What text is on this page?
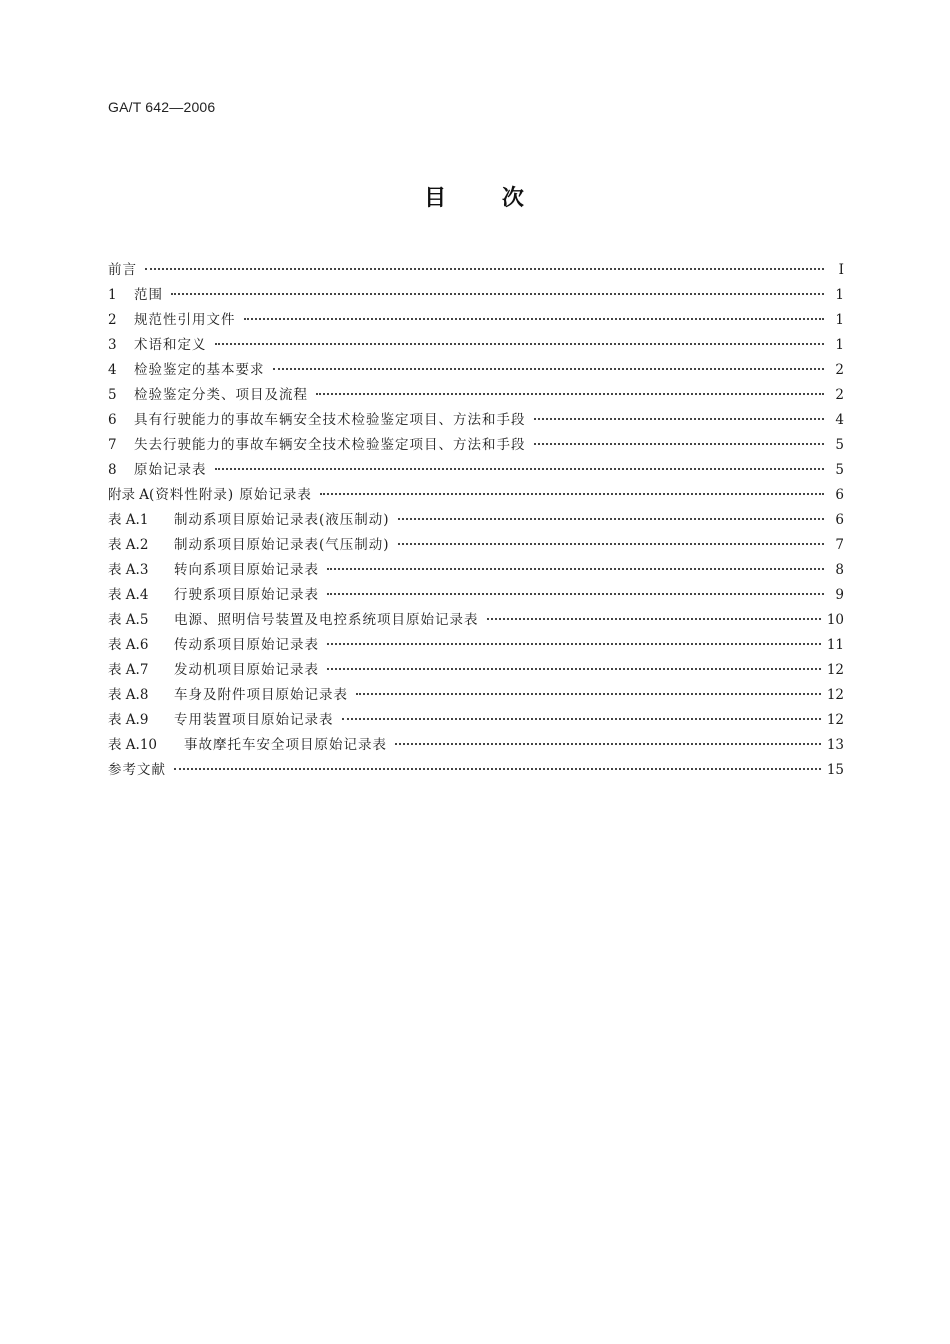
GA/T 642—2006
目 次
前言	I
1	范围	1
2	规范性引用文件	1
3	术语和定义	1
4	检验鉴定的基本要求	2
5	检验鉴定分类、项目及流程	2
6	具有行驶能力的事故车辆安全技术检验鉴定项目、方法和手段	4
7	失去行驶能力的事故车辆安全技术检验鉴定项目、方法和手段	5
8	原始记录表	5
附录 A (资料性附录) 原始记录表	6
表 A.1	制动系项目原始记录表(液压制动)	6
表 A.2	制动系项目原始记录表(气压制动)	7
表 A.3	转向系项目原始记录表	8
表 A.4	行驶系项目原始记录表	9
表 A.5	电源、照明信号装置及电控系统项目原始记录表	10
表 A.6	传动系项目原始记录表	11
表 A.7	发动机项目原始记录表	12
表 A.8	车身及附件项目原始记录表	12
表 A.9	专用装置项目原始记录表	12
表 A.10	事故摩托车安全项目原始记录表	13
参考文献	15
